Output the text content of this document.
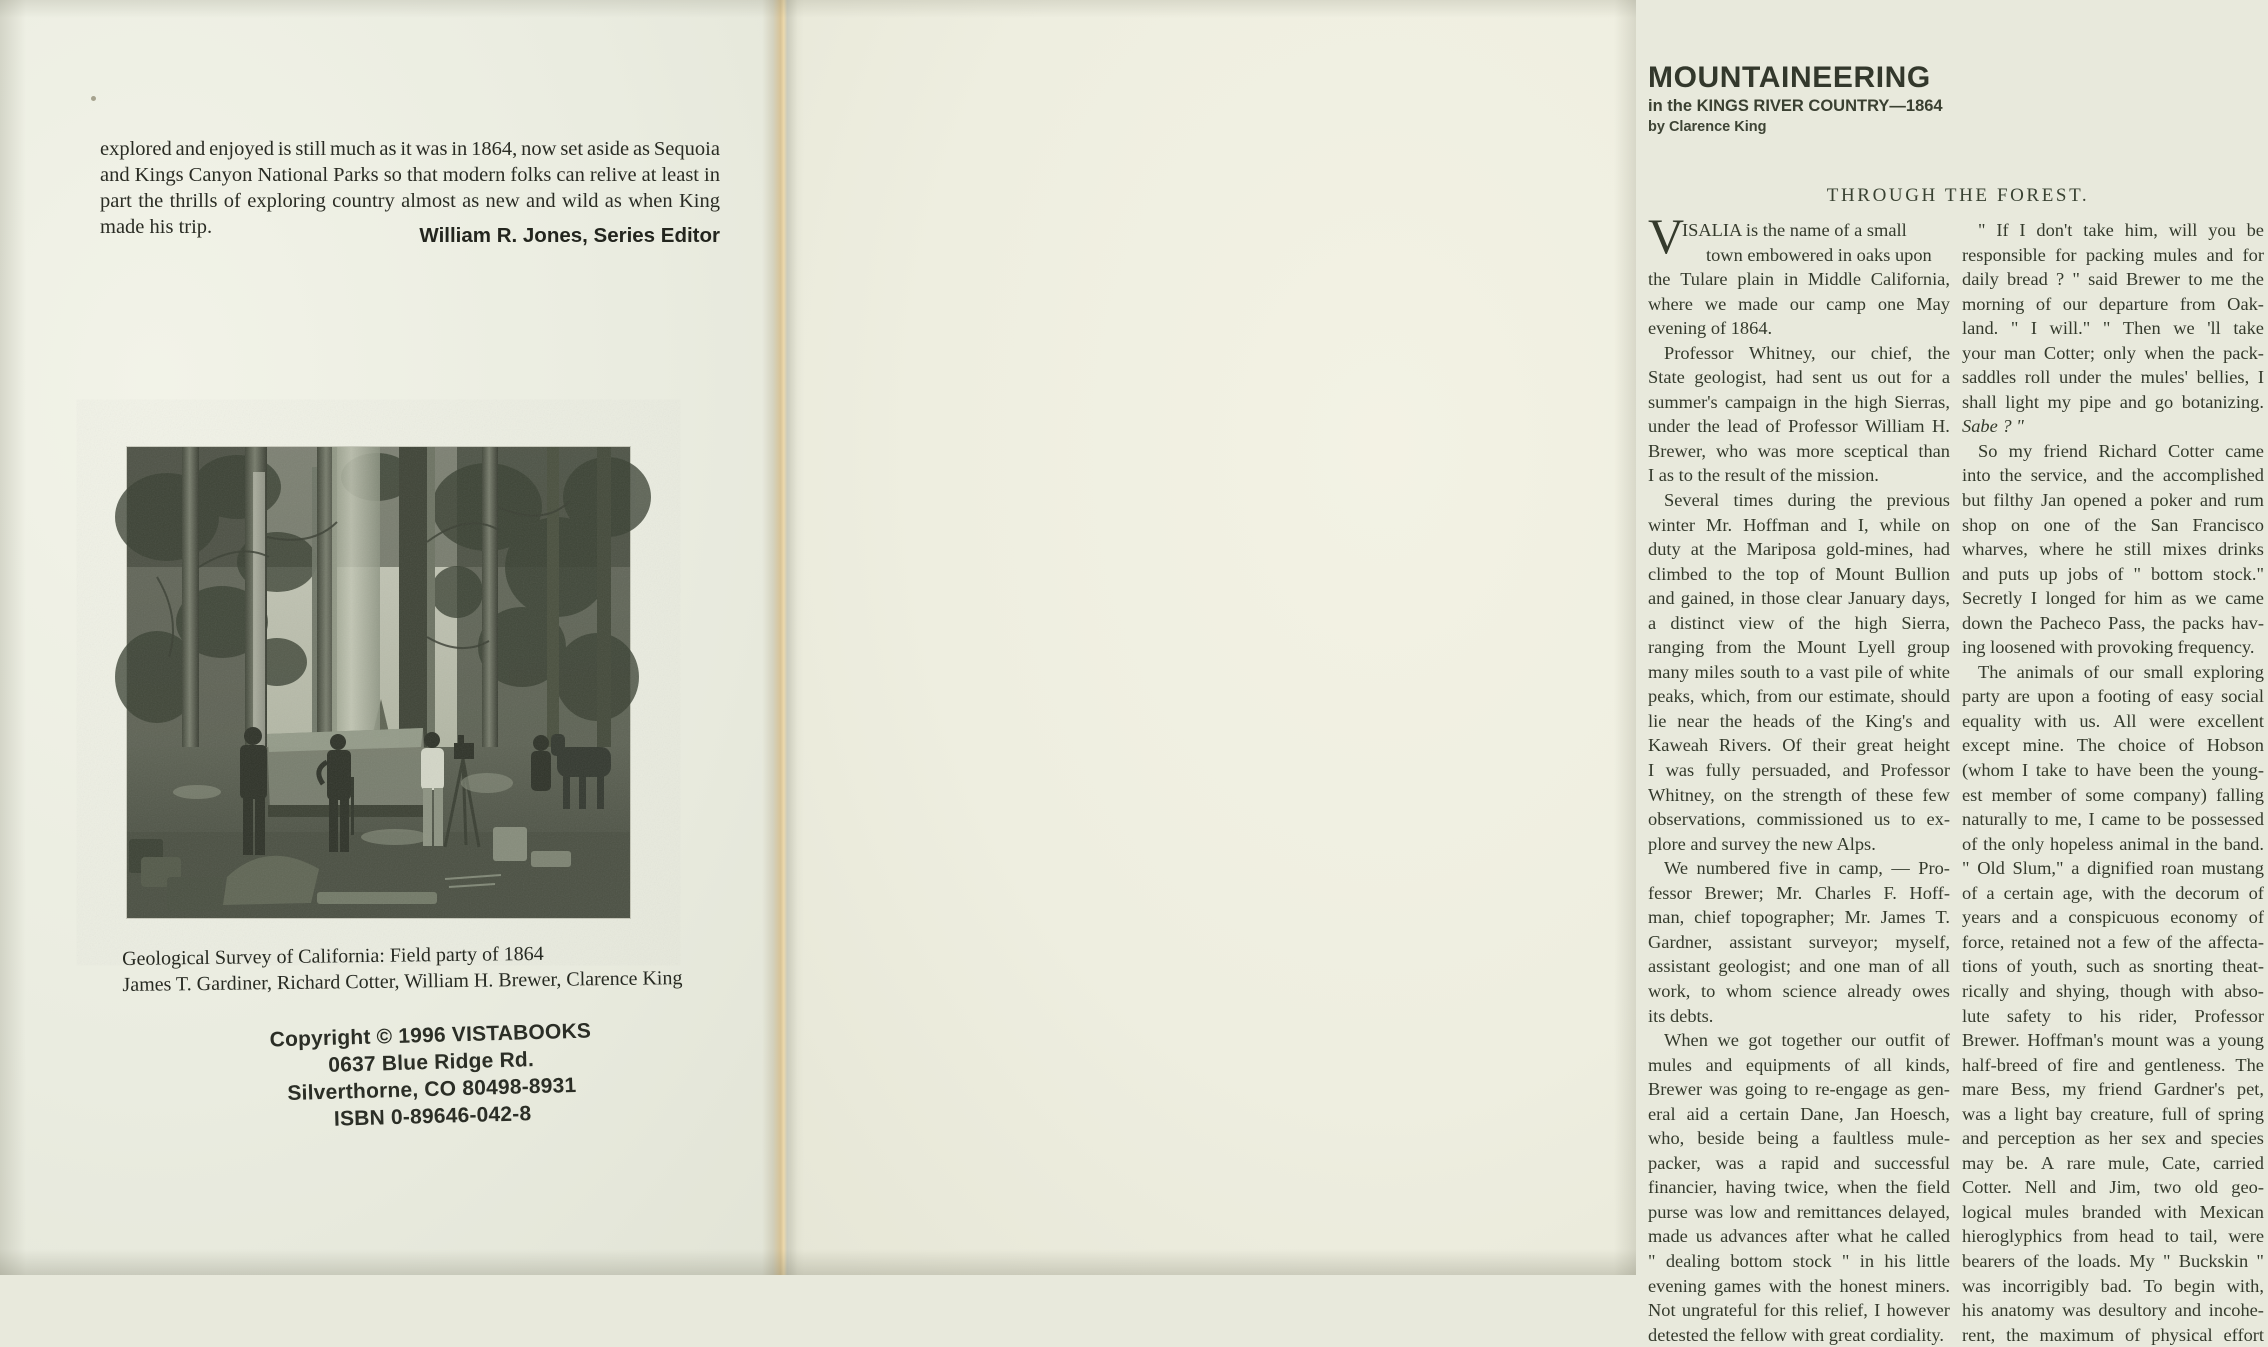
explored and enjoyed is still much as it was in 1864, now set aside as Sequoia
and Kings Canyon National Parks so that modern folks can relive at least in
part the thrills of exploring country almost as new and wild as when King
made his trip.	William R. Jones, Series Editor
Geological Survey of California: Field party of 1864
James T. Gardiner, Richard Cotter, William H. Brewer, Clarence King
Copyright © 1996 VISTABOOKS
0637 Blue Ridge Rd.
Silverthorne, CO 80498-8931
ISBN 0-89646-042-8
MOUNTAINEERING
in the KINGS RIVER COUNTRY—1864
by Clarence King
THROUGH THE FOREST.

V
ISALIA is the name of a small
town embowered in oaks upon
the Tulare plain in Middle California,
where we made our camp one May
evening of 1864.

Professor Whitney, our chief, the
State geologist, had sent us out for a
summer's campaign in the high Sierras,
under the lead of Professor William H.
Brewer, who was more sceptical than
I as to the result of the mission.

Several times during the previous
winter Mr. Hoffman and I, while on
duty at the Mariposa gold-mines, had
climbed to the top of Mount Bullion
and gained, in those clear January days,
a distinct view of the high Sierra,
ranging from the Mount Lyell group
many miles south to a vast pile of white
peaks, which, from our estimate, should
lie near the heads of the King's and
Kaweah Rivers. Of their great height
I was fully persuaded, and Professor
Whitney, on the strength of these few
observations, commissioned us to ex-
plore and survey the new Alps.

We numbered five in camp, — Pro-
fessor Brewer; Mr. Charles F. Hoff-
man, chief topographer; Mr. James T.
Gardner, assistant surveyor; myself,
assistant geologist; and one man of all
work, to whom science already owes
its debts.

When we got together our outfit of
mules and equipments of all kinds,
Brewer was going to re-engage as gen-
eral aid a certain Dane, Jan Hoesch,
who, beside being a faultless mule-
packer, was a rapid and successful
financier, having twice, when the field
purse was low and remittances delayed,
made us advances after what he called
" dealing bottom stock " in his little
evening games with the honest miners.
Not ungrateful for this relief, I however
detested the fellow with great cordiality.

" If I don't take him, will you be
responsible for packing mules and for
daily bread ? " said Brewer to me the
morning of our departure from Oak-
land. " I will." " Then we 'll take
your man Cotter; only when the pack-
saddles roll under the mules' bellies, I
shall light my pipe and go botanizing.
Sabe ? "

So my friend Richard Cotter came
into the service, and the accomplished
but filthy Jan opened a poker and rum
shop on one of the San Francisco
wharves, where he still mixes drinks
and puts up jobs of " bottom stock."
Secretly I longed for him as we came
down the Pacheco Pass, the packs hav-
ing loosened with provoking frequency.

The animals of our small exploring
party are upon a footing of easy social
equality with us. All were excellent
except mine. The choice of Hobson
(whom I take to have been the young-
est member of some company) falling
naturally to me, I came to be possessed
of the only hopeless animal in the band.
" Old Slum," a dignified roan mustang
of a certain age, with the decorum of
years and a conspicuous economy of
force, retained not a few of the affecta-
tions of youth, such as snorting theat-
rically and shying, though with abso-
lute safety to his rider, Professor
Brewer. Hoffman's mount was a young
half-breed of fire and gentleness. The
mare Bess, my friend Gardner's pet,
was a light bay creature, full of spring
and perception as her sex and species
may be. A rare mule, Cate, carried
Cotter. Nell and Jim, two old geo-
logical mules branded with Mexican
hieroglyphics from head to tail, were
bearers of the loads. My " Buckskin "
was incorrigibly bad. To begin with,
his anatomy was desultory and incohe-
rent, the maximum of physical effort
